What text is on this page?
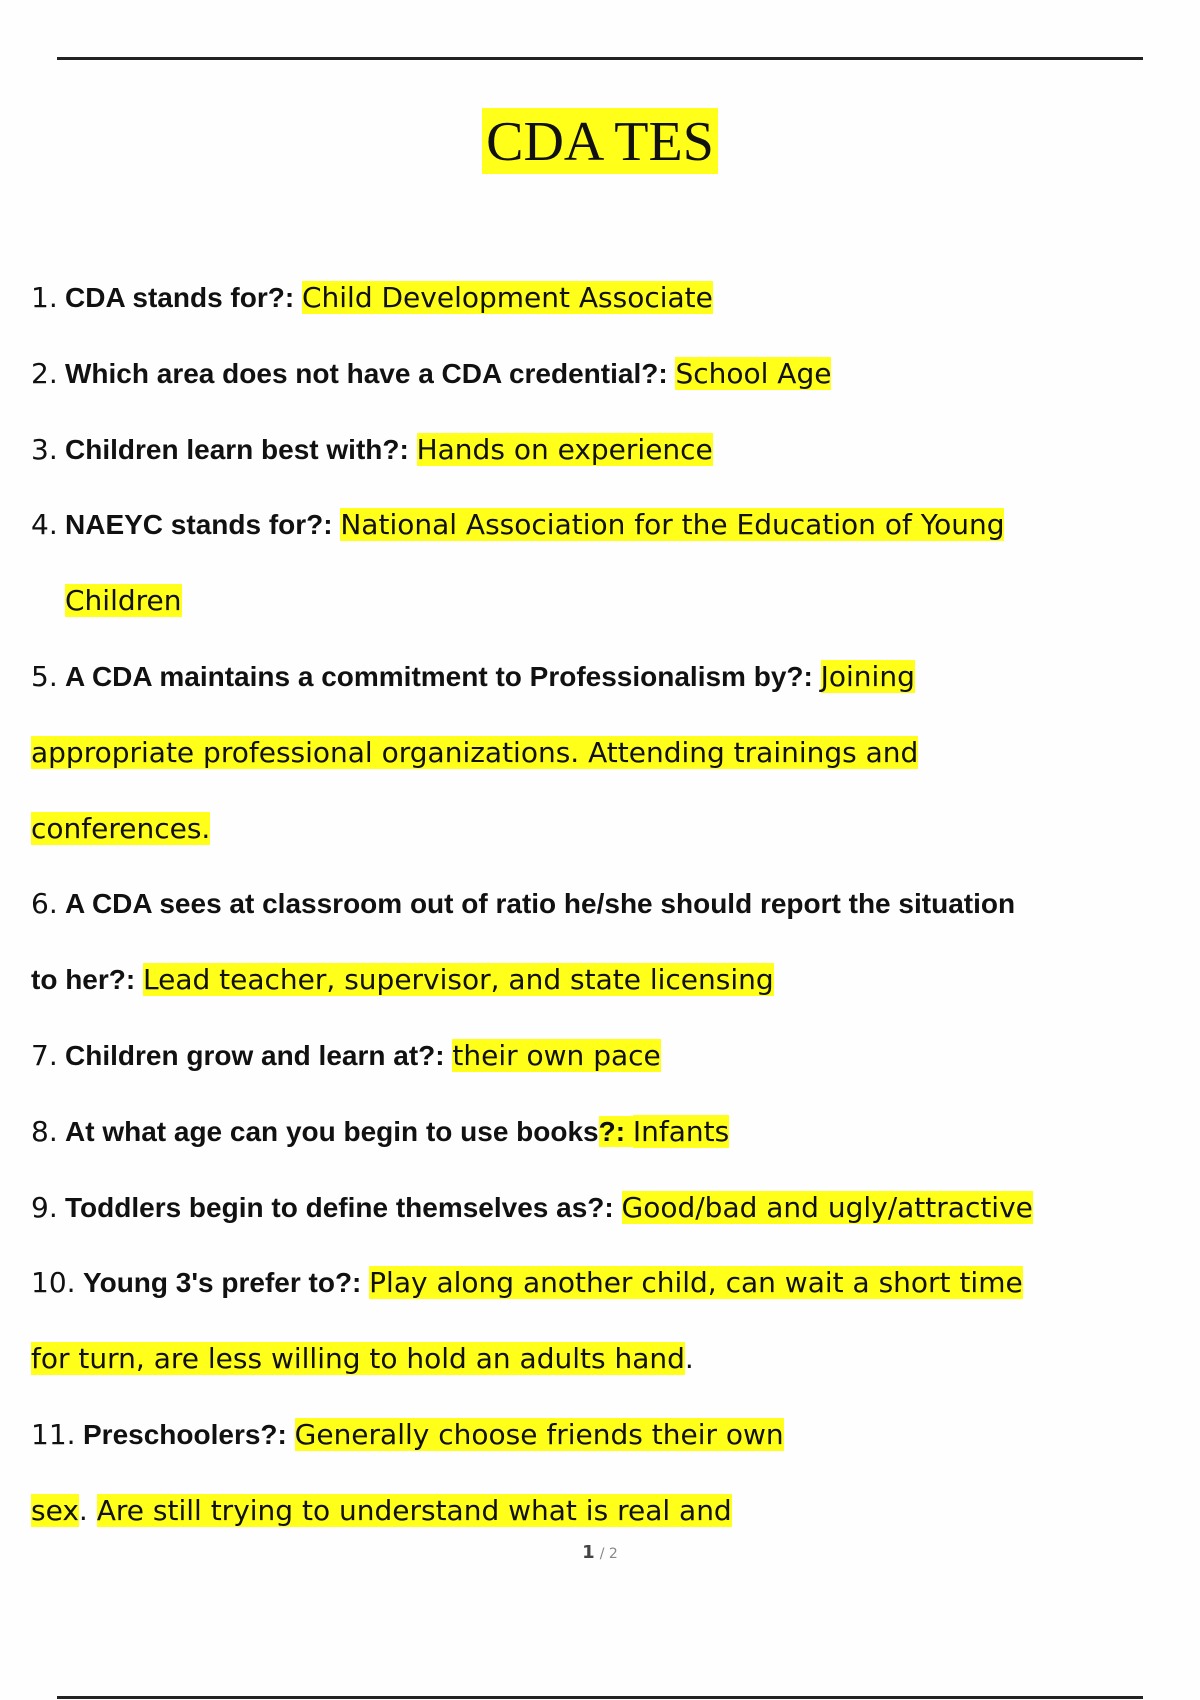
CDA TES
1. CDA stands for?: Child Development Associate
2. Which area does not have a CDA credential?: School Age
3. Children learn best with?: Hands on experience
4. NAEYC stands for?: National Association for the Education of Young
Children
5. A CDA maintains a commitment to Professionalism by?: Joining
appropriate professional organizations. Attending trainings and
conferences.
6. A CDA sees at classroom out of ratio he/she should report the situation
to her?: Lead teacher, supervisor, and state licensing
7. Children grow and learn at?: their own pace
8. At what age can you begin to use books?: Infants
9. Toddlers begin to define themselves as?: Good/bad and ugly/attractive
10. Young 3's prefer to?: Play along another child, can wait a short time
for turn, are less willing to hold an adults hand.
11. Preschoolers?: Generally choose friends their own
sex. Are still trying to understand what is real and
1 / 2
